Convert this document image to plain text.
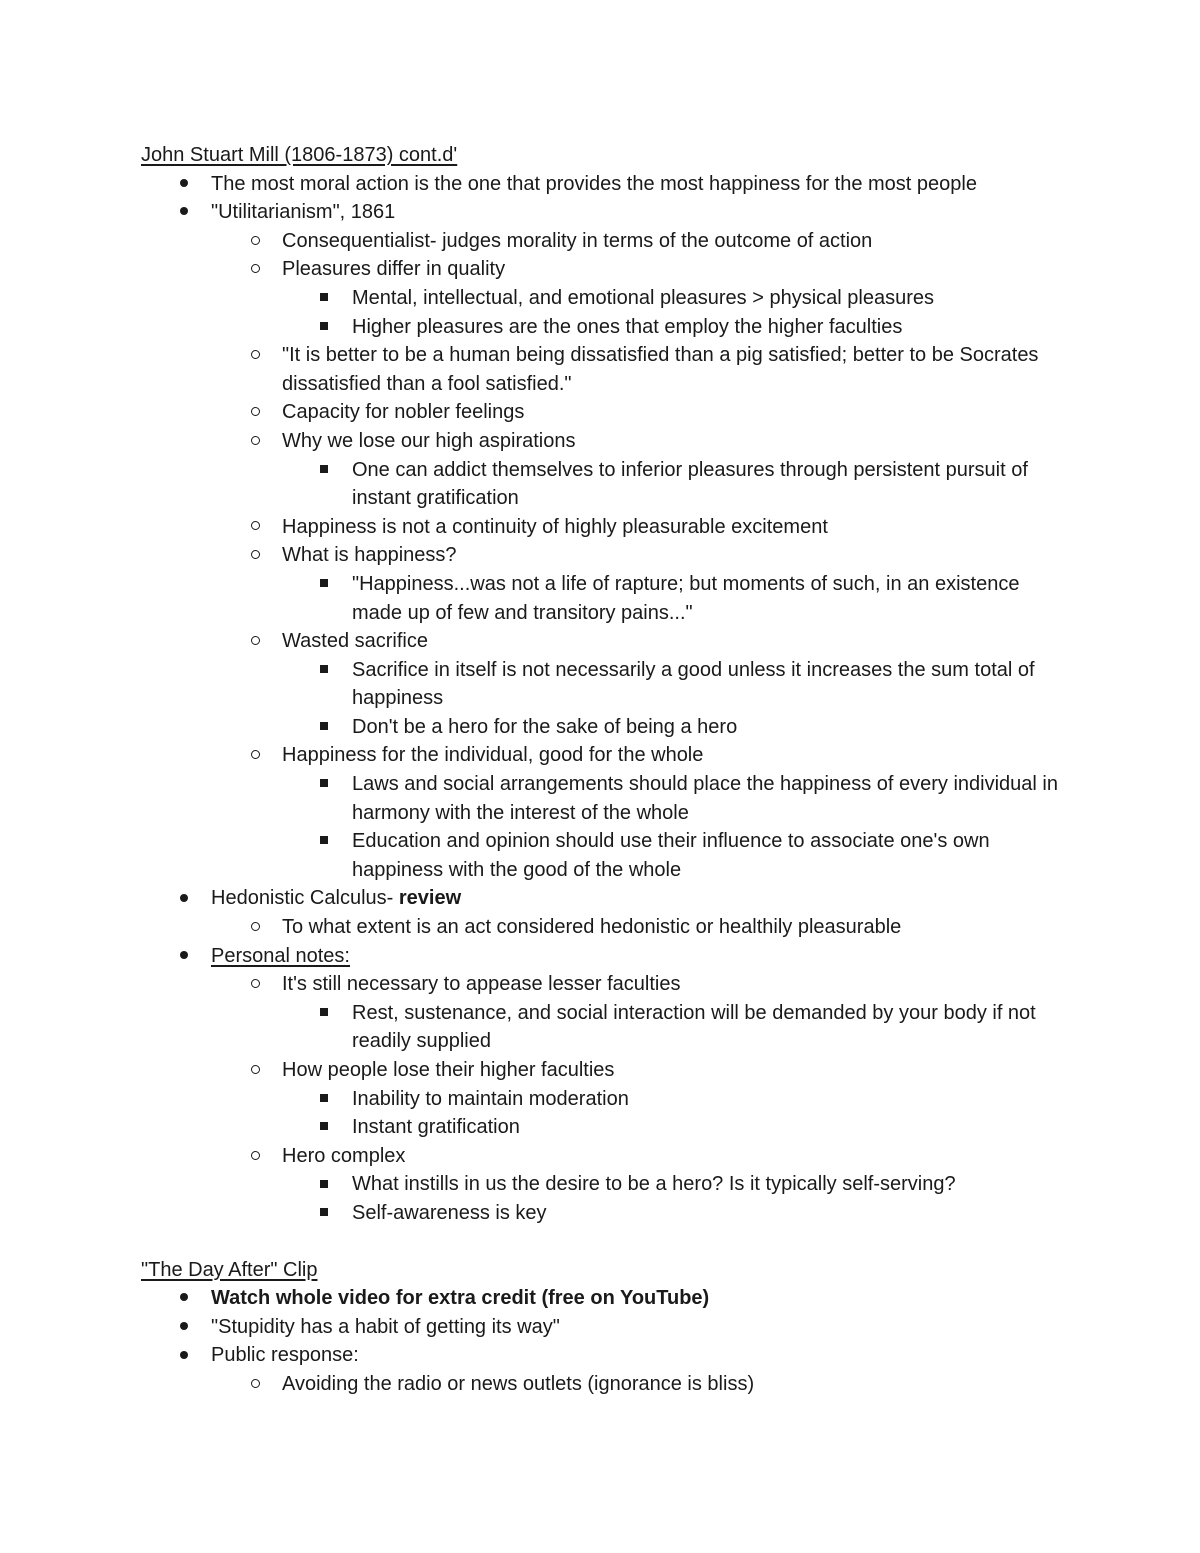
John Stuart Mill (1806-1873) cont.d'
The most moral action is the one that provides the most happiness for the most people
"Utilitarianism", 1861
Consequentialist- judges morality in terms of the outcome of action
Pleasures differ in quality
Mental, intellectual, and emotional pleasures > physical pleasures
Higher pleasures are the ones that employ the higher faculties
"It is better to be a human being dissatisfied than a pig satisfied; better to be Socrates dissatisfied than a fool satisfied."
Capacity for nobler feelings
Why we lose our high aspirations
One can addict themselves to inferior pleasures through persistent pursuit of instant gratification
Happiness is not a continuity of highly pleasurable excitement
What is happiness?
"Happiness...was not a life of rapture; but moments of such, in an existence made up of few and transitory pains..."
Wasted sacrifice
Sacrifice in itself is not necessarily a good unless it increases the sum total of happiness
Don't be a hero for the sake of being a hero
Happiness for the individual, good for the whole
Laws and social arrangements should place the happiness of every individual in harmony with the interest of the whole
Education and opinion should use their influence to associate one's own happiness with the good of the whole
Hedonistic Calculus- review
To what extent is an act considered hedonistic or healthily pleasurable
Personal notes:
It's still necessary to appease lesser faculties
Rest, sustenance, and social interaction will be demanded by your body if not readily supplied
How people lose their higher faculties
Inability to maintain moderation
Instant gratification
Hero complex
What instills in us the desire to be a hero? Is it typically self-serving?
Self-awareness is key
"The Day After" Clip
Watch whole video for extra credit (free on YouTube)
"Stupidity has a habit of getting its way"
Public response:
Avoiding the radio or news outlets (ignorance is bliss)
